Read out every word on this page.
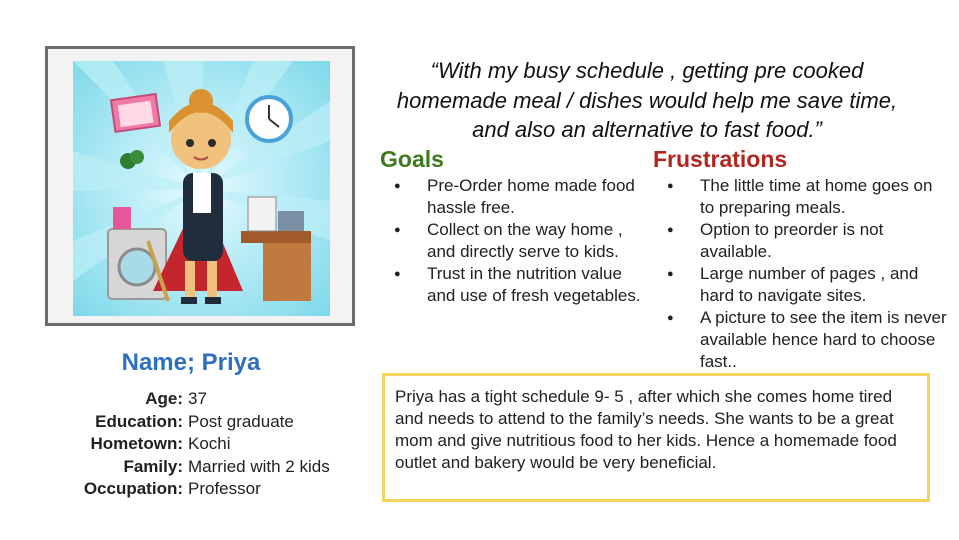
Name; Priya
Age: 37
Education: Post graduate
Hometown: Kochi
Family: Married with 2 kids
Occupation: Professor
“With my busy schedule , getting pre cooked homemade meal / dishes would help me save time, and also an alternative to fast food.”
Goals	Frustrations
● Pre-Order home made food hassle free.
● Collect on the way home , and directly serve to kids.
● Trust in the nutrition value and use of fresh vegetables.
● The little time at home goes on to preparing meals.
● Option to preorder is not available.
● Large number of pages , and hard to navigate sites.
● A picture to see the item is never available hence hard to choose fast..
Priya has a tight schedule 9- 5 , after which she comes home tired and needs to attend to the family’s needs. She wants to be a great mom and give nutritious food to her kids. Hence a homemade food outlet and bakery would be very beneficial.
